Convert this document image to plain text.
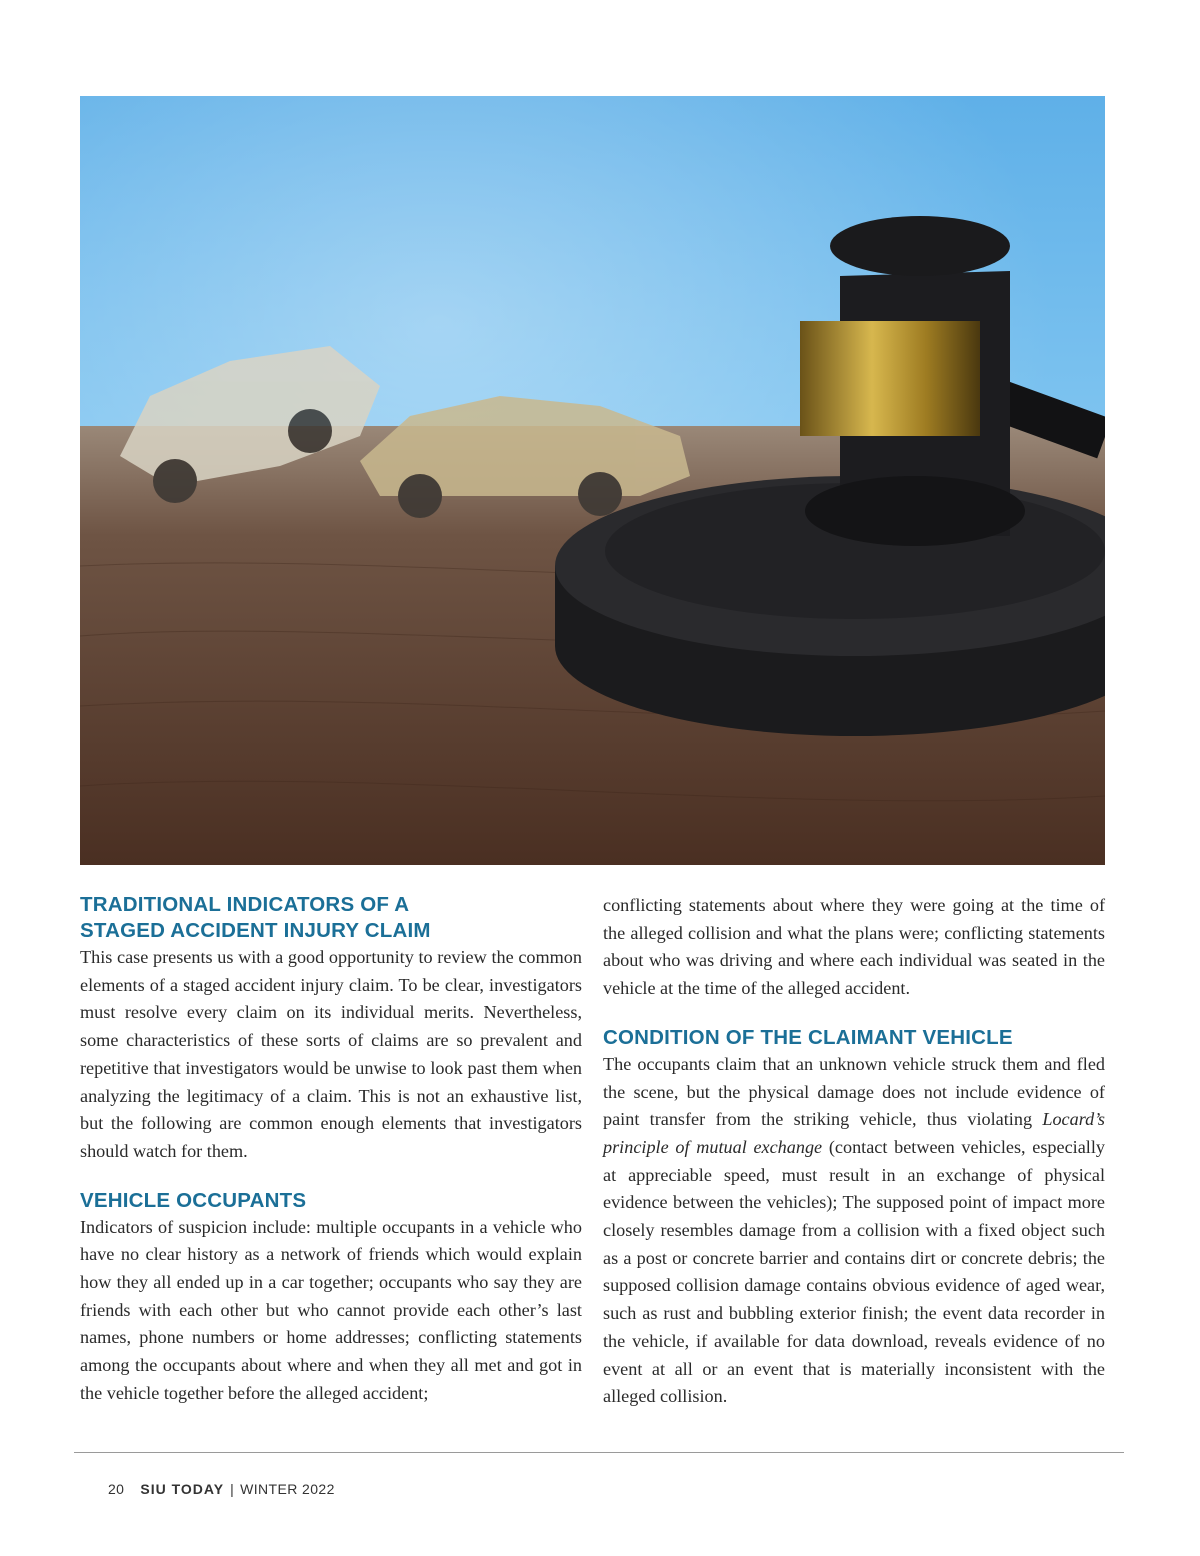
TRADITIONAL INDICATORS OF A
STAGED ACCIDENT INJURY CLAIM

This case presents us with a good opportunity to review the common elements of a staged accident injury claim. To be clear, investigators must resolve every claim on its individual merits. Nevertheless, some characteristics of these sorts of claims are so prevalent and repetitive that investigators would be unwise to look past them when analyzing the legitimacy of a claim. This is not an exhaustive list, but the following are common enough elements that investigators should watch for them.

VEHICLE OCCUPANTS

Indicators of suspicion include: multiple occupants in a vehicle who have no clear history as a network of friends which would explain how they all ended up in a car together; occupants who say they are friends with each other but who cannot provide each other’s last names, phone numbers or home addresses; conflicting statements among the occupants about where and when they all met and got in the vehicle together before the alleged accident;

conflicting statements about where they were going at the time of the alleged collision and what the plans were; conflicting statements about who was driving and where each individual was seated in the vehicle at the time of the alleged accident.

CONDITION OF THE CLAIMANT VEHICLE

The occupants claim that an unknown vehicle struck them and fled the scene, but the physical damage does not include evidence of paint transfer from the striking vehicle, thus violating Locard’s principle of mutual exchange (contact between vehicles, especially at appreciable speed, must result in an exchange of physical evidence between the vehicles); The supposed point of impact more closely resembles damage from a collision with a fixed object such as a post or concrete barrier and contains dirt or concrete debris; the supposed collision damage contains obvious evidence of aged wear, such as rust and bubbling exterior finish; the event data recorder in the vehicle, if available for data download, reveals evidence of no event at all or an event that is materially inconsistent with the alleged collision.

20 SIU TODAY | WINTER 2022
